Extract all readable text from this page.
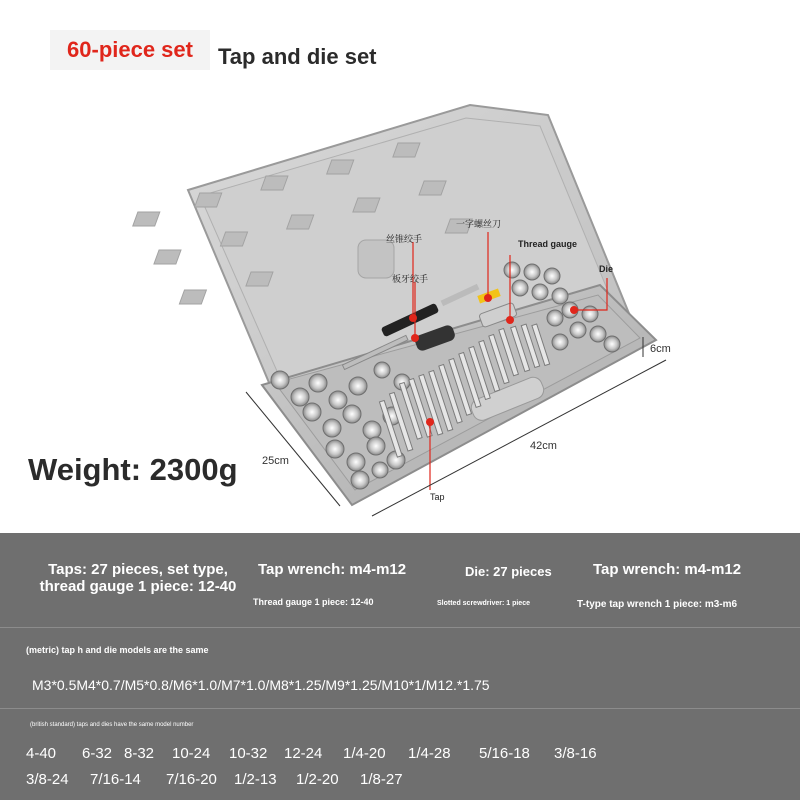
60-piece set	Tap and die set
丝锥绞手
一字螺丝刀
Thread gauge
Die
板牙绞手
Tap
42cm
25cm
6cm
Weight: 2300g
Taps: 27 pieces, set type, thread gauge 1 piece: 12-40
Tap wrench: m4-m12	Die: 27 pieces	Tap wrench: m4-m12
Thread gauge 1 piece: 12-40	Slotted screwdriver: 1 piece	T-type tap wrench 1 piece: m3-m6
(metric) tap h and die models are the same
M3*0.5M4*0.7/M5*0.8/M6*1.0/M7*1.0/M8*1.25/M9*1.25/M10*1/M12.*1.75
(british standard) taps and dies have the same model number
4-40 6-32 8-32 10-24 10-32 12-24 1/4-20 1/4-28 5/16-18 3/8-16
3/8-24 7/16-14 7/16-20 1/2-13 1/2-20 1/8-27
